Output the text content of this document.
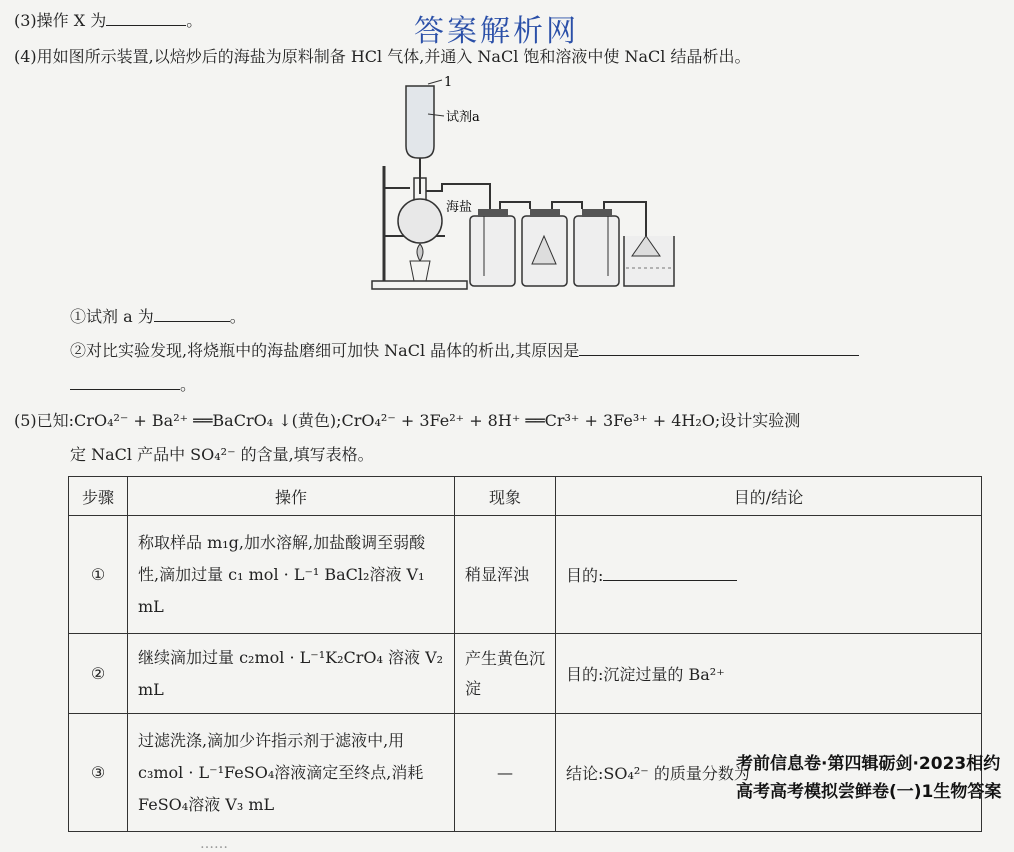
答案解析网
(3)操作 X 为	。
(4)用如图所示装置,以焙炒后的海盐为原料制备 HCl 气体,并通入 NaCl 饱和溶液中使 NaCl 结晶析出。
1
试剂a
海盐
①试剂 a 为	。
②对比实验发现,将烧瓶中的海盐磨细可加快 NaCl 晶体的析出,其原因是
。
(5)已知:CrO₄²⁻ + Ba²⁺ ══BaCrO₄ ↓(黄色);CrO₄²⁻ + 3Fe²⁺ + 8H⁺ ══Cr³⁺ + 3Fe³⁺ + 4H₂O;设计实验测
定 NaCl 产品中 SO₄²⁻ 的含量,填写表格。
步骤	操作	现象	目的/结论
①	称取样品 m₁g,加水溶解,加盐酸调至弱酸性,滴加过量 c₁ mol · L⁻¹ BaCl₂溶液 V₁ mL	稍显浑浊	目的:
②	继续滴加过量 c₂mol · L⁻¹K₂CrO₄ 溶液 V₂ mL	产生黄色沉淀	目的:沉淀过量的 Ba²⁺
③	过滤洗涤,滴加少许指示剂于滤液中,用 c₃mol · L⁻¹FeSO₄溶液滴定至终点,消耗 FeSO₄溶液 V₃ mL	—	结论:SO₄²⁻ 的质量分数为
考前信息卷·第四辑砺剑·2023相约高考高考模拟尝鲜卷(一)1生物答案
……
